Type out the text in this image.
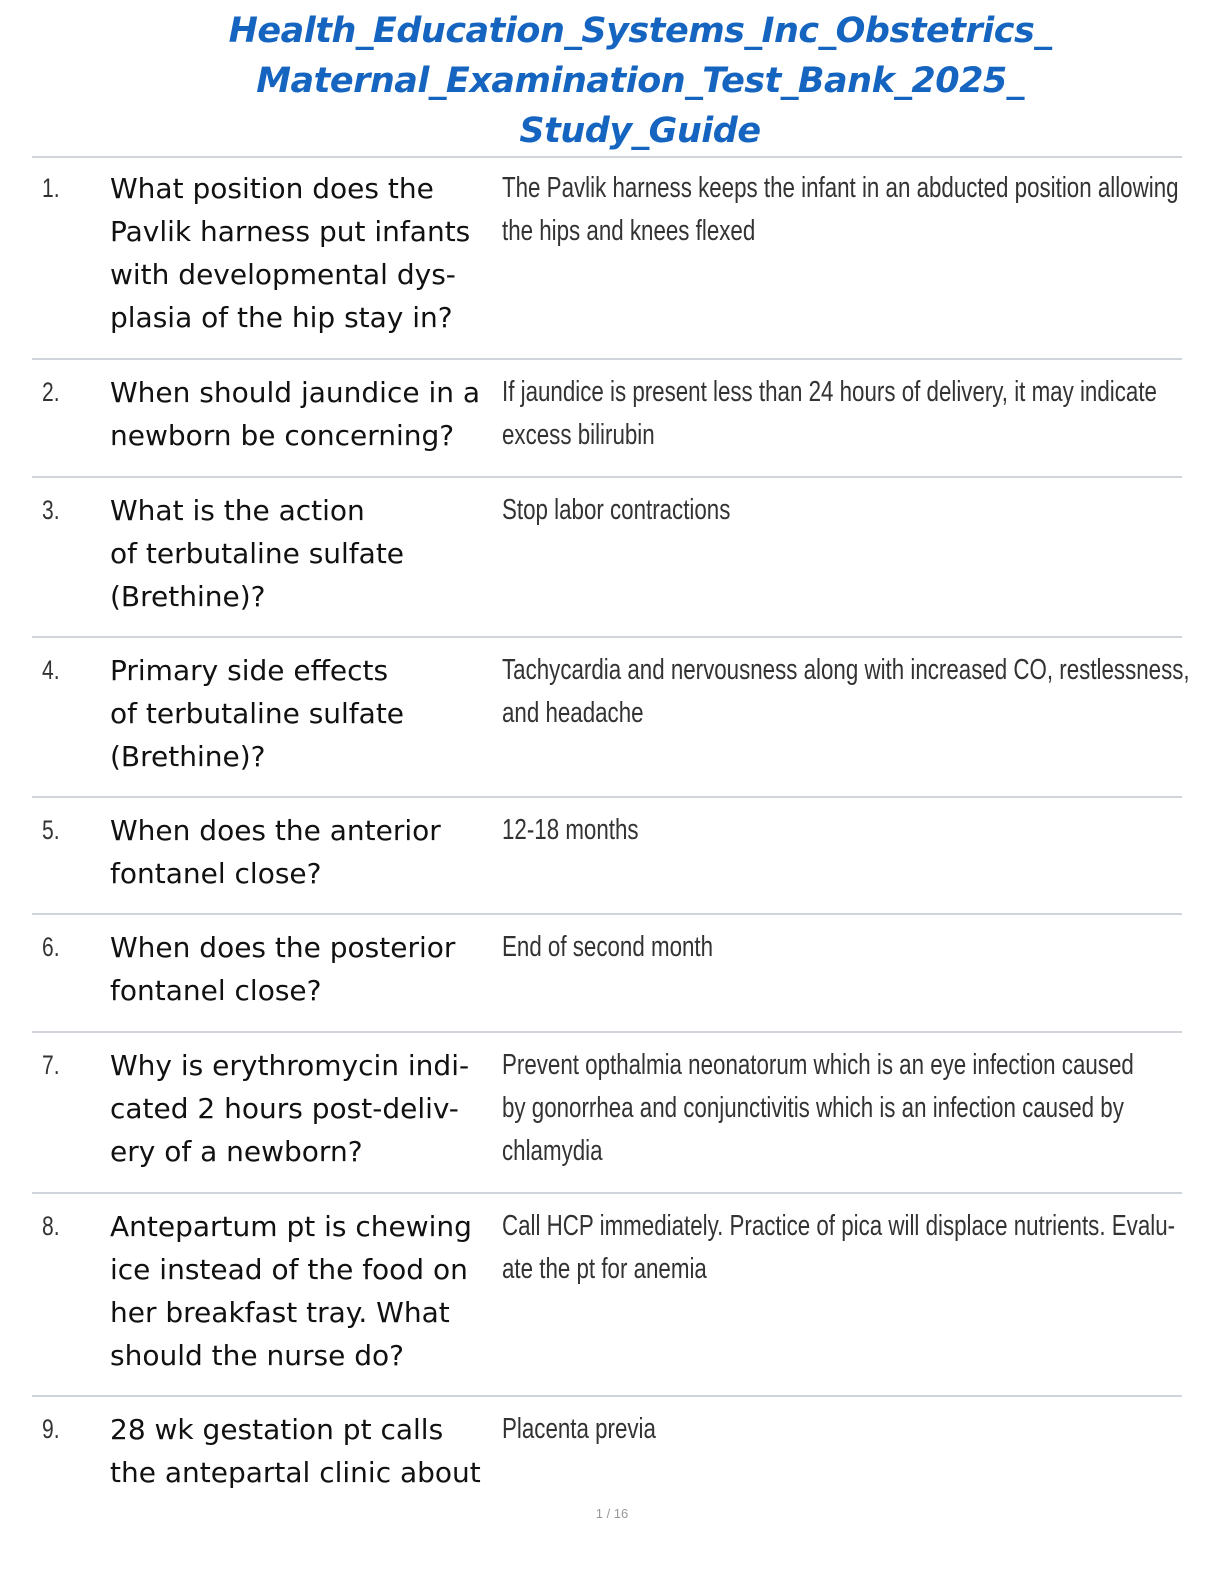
Health_Education_Systems_Inc_Obstetrics_
Maternal_Examination_Test_Bank_2025_
Study_Guide
1. What position does the
Pavlik harness put infants
with developmental dys-
plasia of the hip stay in?
The Pavlik harness keeps the infant in an abducted position allowing
the hips and knees flexed
2. When should jaundice in a
newborn be concerning?
If jaundice is present less than 24 hours of delivery, it may indicate
excess bilirubin
3. What is the action
of terbutaline sulfate
(Brethine)?
Stop labor contractions
4. Primary side effects
of terbutaline sulfate
(Brethine)?
Tachycardia and nervousness along with increased CO, restlessness,
and headache
5. When does the anterior
fontanel close?
12-18 months
6. When does the posterior
fontanel close?
End of second month
7. Why is erythromycin indi-
cated 2 hours post-deliv-
ery of a newborn?
Prevent opthalmia neonatorum which is an eye infection caused
by gonorrhea and conjunctivitis which is an infection caused by
chlamydia
8. Antepartum pt is chewing
ice instead of the food on
her breakfast tray. What
should the nurse do?
Call HCP immediately. Practice of pica will displace nutrients. Evalu-
ate the pt for anemia
9. 28 wk gestation pt calls
the antepartal clinic about
Placenta previa
1 / 16
